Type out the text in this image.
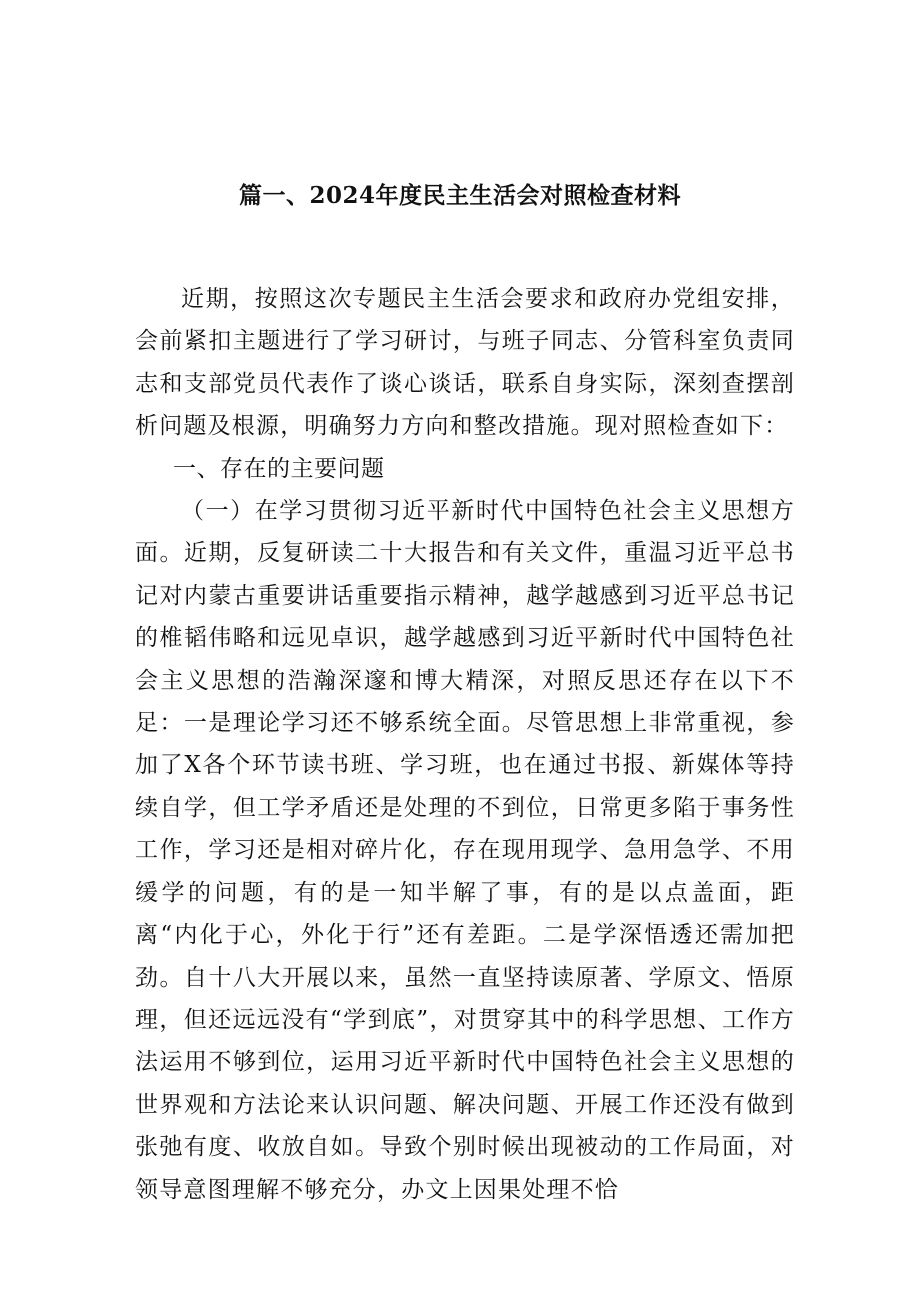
篇一、2024年度民主生活会对照检查材料

近期，按照这次专题民主生活会要求和政府办党组安排，会前紧扣主题进行了学习研讨，与班子同志、分管科室负责同志和支部党员代表作了谈心谈话，联系自身实际，深刻查摆剖析问题及根源，明确努力方向和整改措施。现对照检查如下：

一、存在的主要问题

（一）在学习贯彻习近平新时代中国特色社会主义思想方面。近期，反复研读二十大报告和有关文件，重温习近平总书记对内蒙古重要讲话重要指示精神，越学越感到习近平总书记的椎韬伟略和远见卓识，越学越感到习近平新时代中国特色社会主义思想的浩瀚深邃和博大精深，对照反思还存在以下不足：一是理论学习还不够系统全面。尽管思想上非常重视，参加了X各个环节读书班、学习班，也在通过书报、新媒体等持续自学，但工学矛盾还是处理的不到位，日常更多陷于事务性工作，学习还是相对碎片化，存在现用现学、急用急学、不用缓学的问题，有的是一知半解了事，有的是以点盖面，距离“内化于心，外化于行”还有差距。二是学深悟透还需加把劲。自十八大开展以来，虽然一直坚持读原著、学原文、悟原理，但还远远没有“学到底”，对贯穿其中的科学思想、工作方法运用不够到位，运用习近平新时代中国特色社会主义思想的世界观和方法论来认识问题、解决问题、开展工作还没有做到张弛有度、收放自如。导致个别时候出现被动的工作局面，对领导意图理解不够充分，办文上因果处理不恰
